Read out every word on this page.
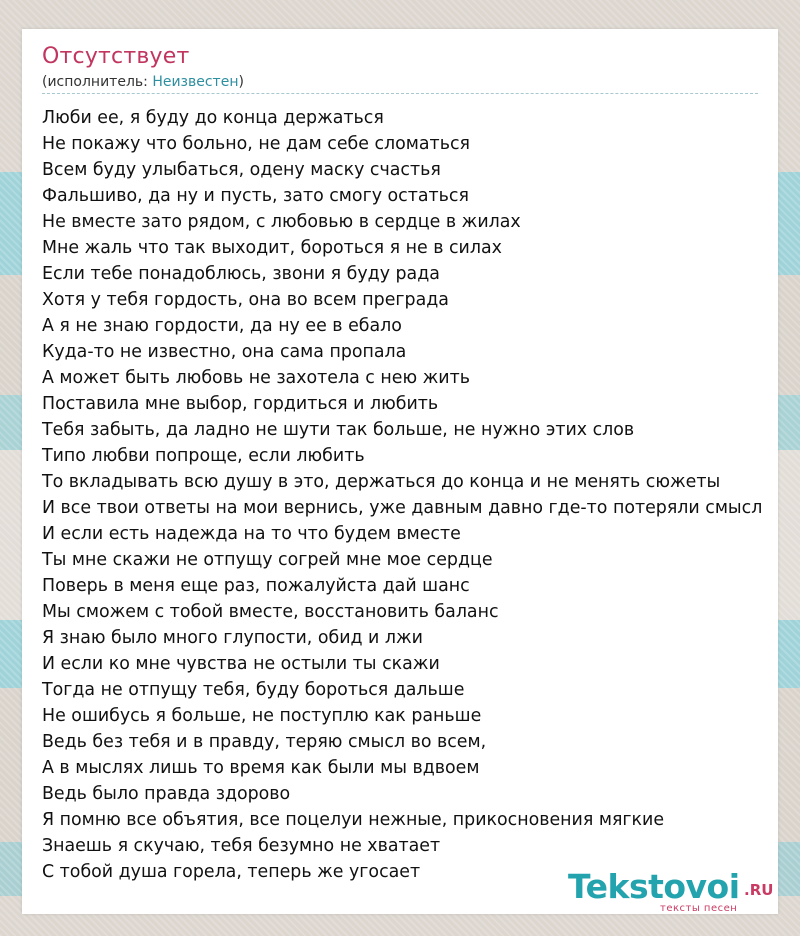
Отсутствует
(исполнитель: Неизвестен)
Люби ее, я буду до конца держаться
Не покажу что больно, не дам себе сломаться
Всем буду улыбаться, одену маску счастья
Фальшиво, да ну и пусть, зато смогу остаться
Не вместе зато рядом, с любовью в сердце в жилах
Мне жаль что так выходит, бороться я не в силах
Если тебе понадоблюсь, звони я буду рада
Хотя у тебя гордость, она во всем преграда
А я не знаю гордости, да ну ее в ебало
Куда-то не известно, она сама пропала
А может быть любовь не захотела с нею жить
Поставила мне выбор, гордиться и любить
Тебя забыть, да ладно не шути так больше, не нужно этих слов
Типо любви попроще, если любить
То вкладывать всю душу в это, держаться до конца и не менять сюжеты
И все твои ответы на мои вернись, уже давным давно где-то потеряли смысл
И если есть надежда на то что будем вместе
Ты мне скажи не отпущу согрей мне мое сердце
Поверь в меня еще раз, пожалуйста дай шанс
Мы сможем с тобой вместе, восстановить баланс
Я знаю было много глупости, обид и лжи
И если ко мне чувства не остыли ты скажи
Тогда не отпущу тебя, буду бороться дальше
Не ошибусь я больше, не поступлю как раньше
Ведь без тебя и в правду, теряю смысл во всем,
А в мыслях лишь то время как были мы вдвоем
Ведь было правда здорово
Я помню все объятия, все поцелуи нежные, прикосновения мягкие
Знаешь я скучаю, тебя безумно не хватает
С тобой душа горела, теперь же угосает	Tekstovoi .RU
тексты песен
